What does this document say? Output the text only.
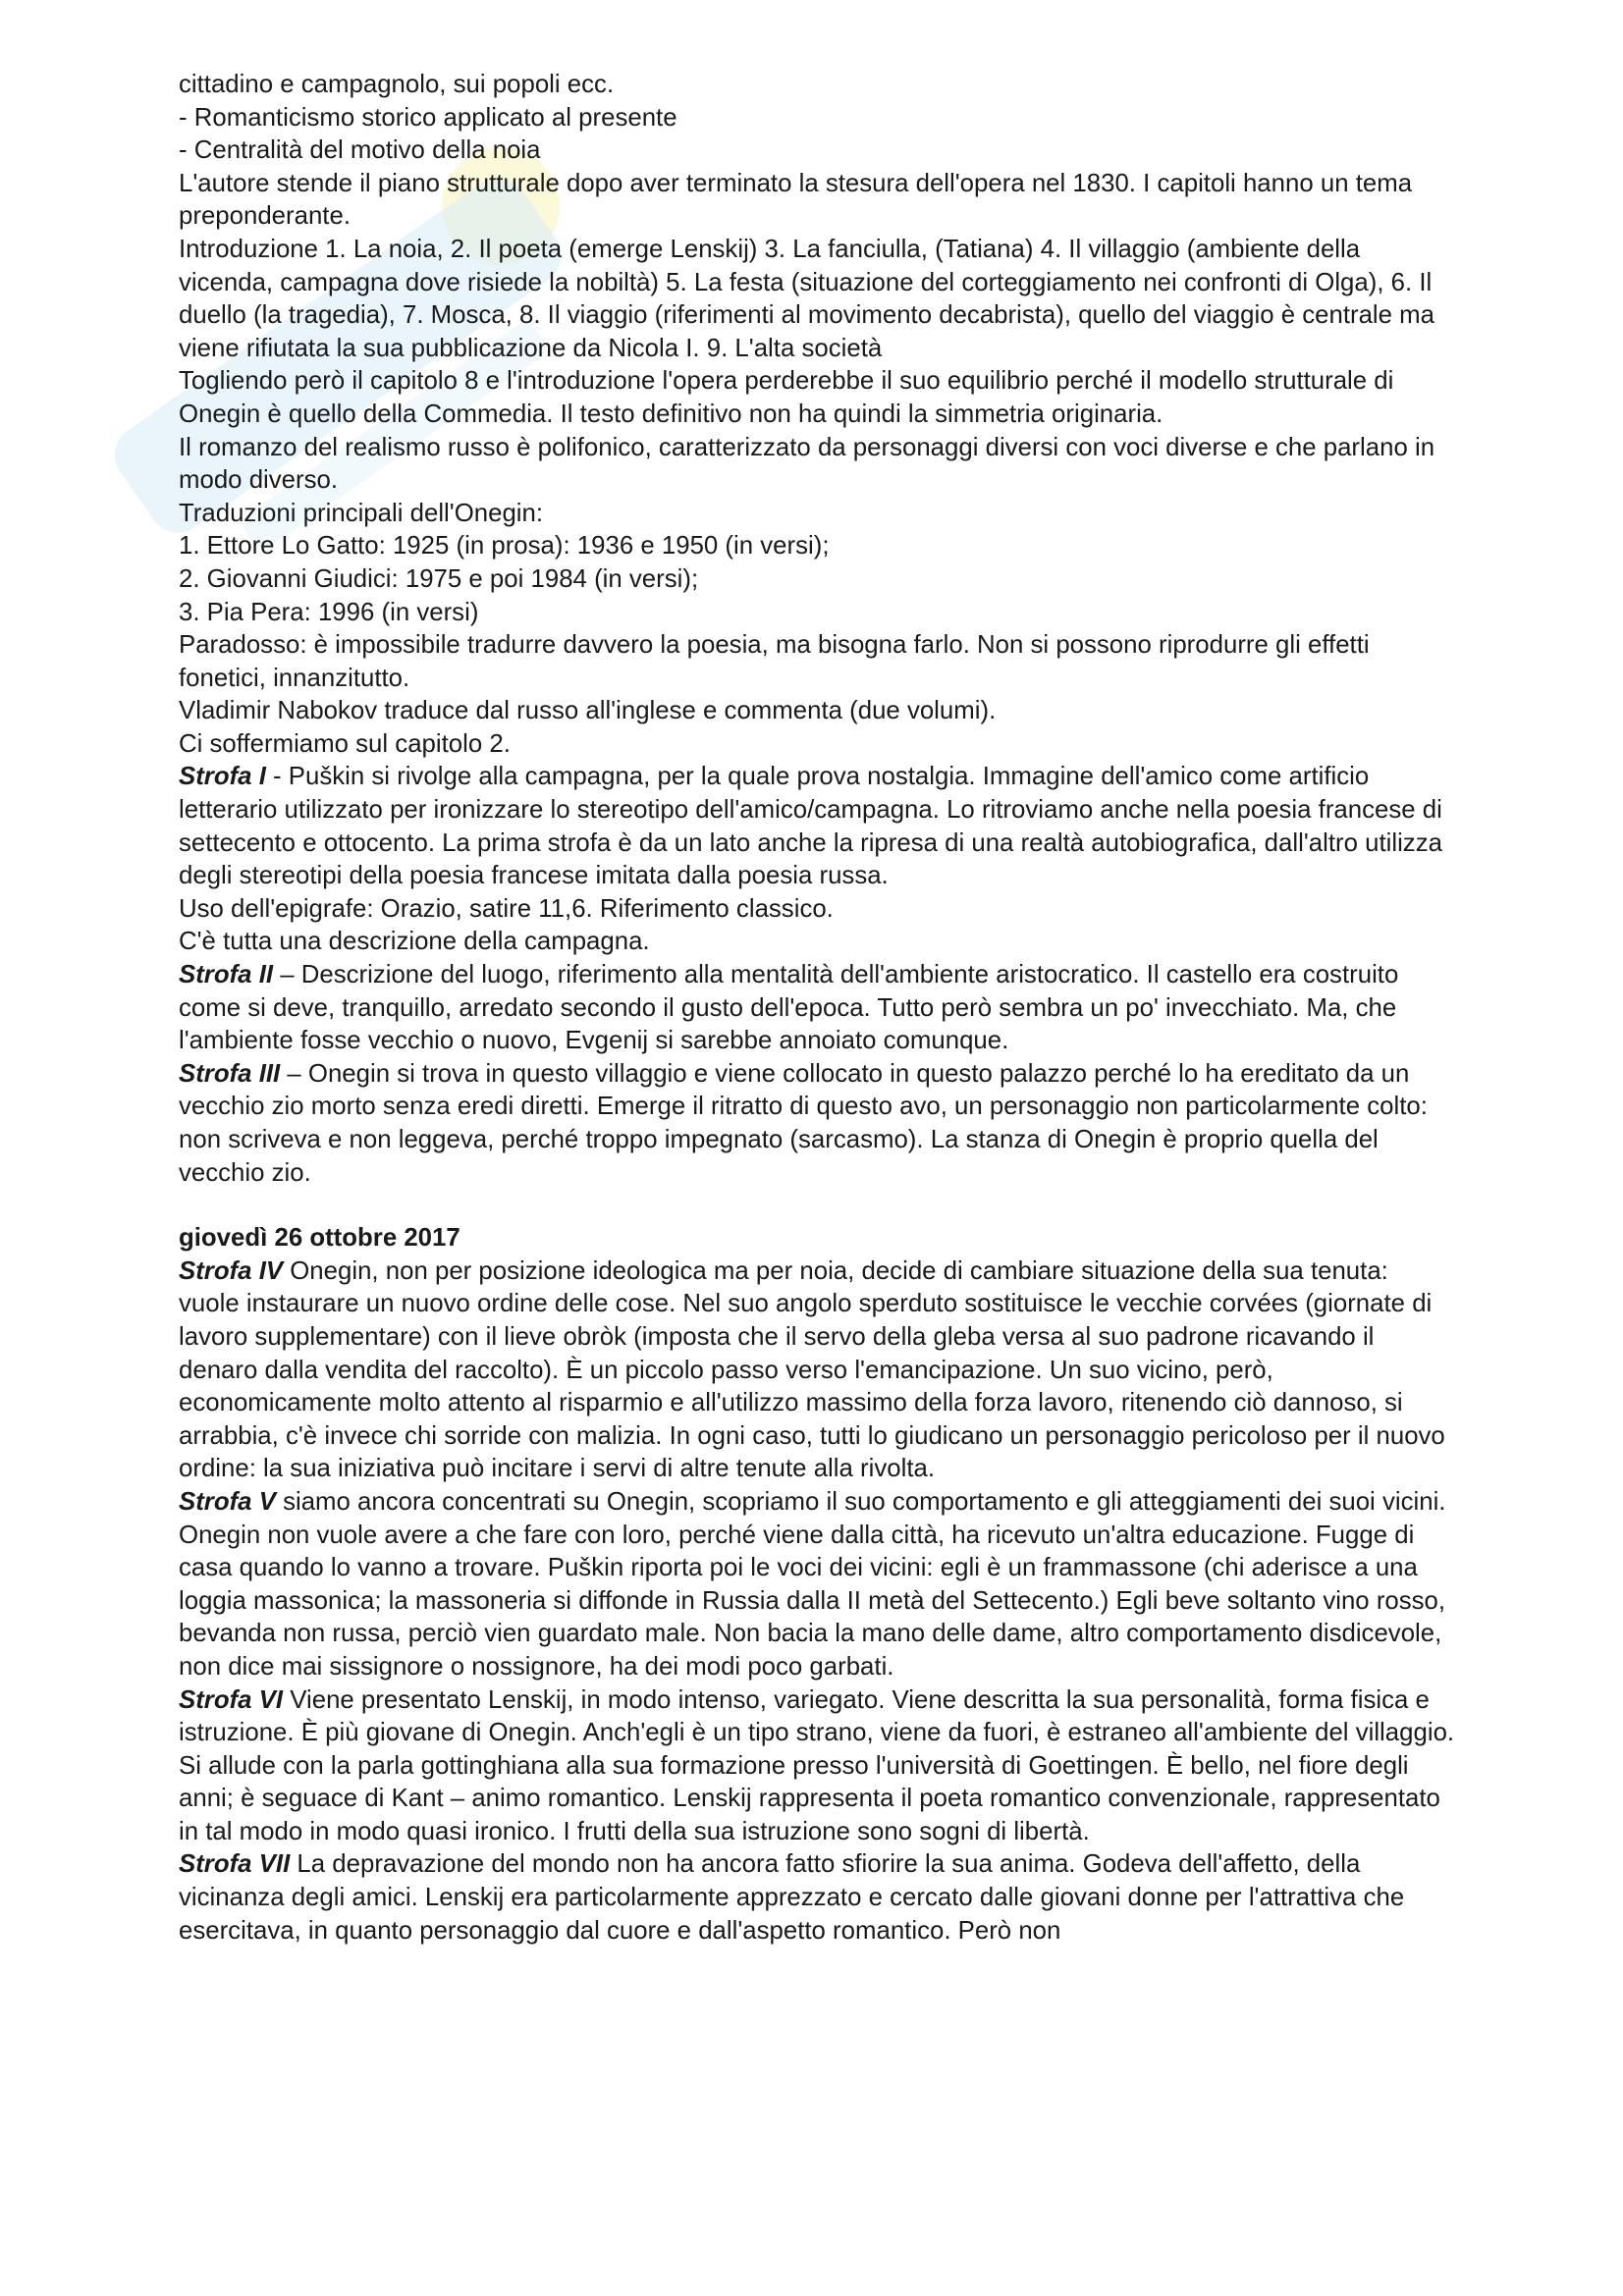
cittadino e campagnolo, sui popoli ecc.

- Romanticismo storico applicato al presente

- Centralità del motivo della noia

L'autore stende il piano strutturale dopo aver terminato la stesura dell'opera nel 1830. I capitoli hanno un tema preponderante.

Introduzione 1. La noia, 2. Il poeta (emerge Lenskij) 3. La fanciulla, (Tatiana) 4. Il villaggio (ambiente della vicenda, campagna dove risiede la nobiltà) 5. La festa (situazione del corteggiamento nei confronti di Olga), 6. Il duello (la tragedia), 7. Mosca, 8. Il viaggio (riferimenti al movimento decabrista), quello del viaggio è centrale ma viene rifiutata la sua pubblicazione da Nicola I. 9. L'alta società

Togliendo però il capitolo 8 e l'introduzione l'opera perderebbe il suo equilibrio perché il modello strutturale di Onegin è quello della Commedia. Il testo definitivo non ha quindi la simmetria originaria.

Il romanzo del realismo russo è polifonico, caratterizzato da personaggi diversi con voci diverse e che parlano in modo diverso.

Traduzioni principali dell'Onegin:

1. Ettore Lo Gatto: 1925 (in prosa): 1936 e 1950 (in versi);

2. Giovanni Giudici: 1975 e poi 1984 (in versi);

3. Pia Pera: 1996 (in versi)

Paradosso: è impossibile tradurre davvero la poesia, ma bisogna farlo. Non si possono riprodurre gli effetti fonetici, innanzitutto.

Vladimir Nabokov traduce dal russo all'inglese e commenta (due volumi).

Ci soffermiamo sul capitolo 2.

Strofa I - Puškin si rivolge alla campagna, per la quale prova nostalgia. Immagine dell'amico come artificio letterario utilizzato per ironizzare lo stereotipo dell'amico/campagna. Lo ritroviamo anche nella poesia francese di settecento e ottocento. La prima strofa è da un lato anche la ripresa di una realtà autobiografica, dall'altro utilizza degli stereotipi della poesia francese imitata dalla poesia russa.

Uso dell'epigrafe: Orazio, satire 11,6. Riferimento classico.

C'è tutta una descrizione della campagna.

Strofa II – Descrizione del luogo, riferimento alla mentalità dell'ambiente aristocratico. Il castello era costruito come si deve, tranquillo, arredato secondo il gusto dell'epoca. Tutto però sembra un po' invecchiato. Ma, che l'ambiente fosse vecchio o nuovo, Evgenij si sarebbe annoiato comunque.

Strofa III – Onegin si trova in questo villaggio e viene collocato in questo palazzo perché lo ha ereditato da un vecchio zio morto senza eredi diretti. Emerge il ritratto di questo avo, un personaggio non particolarmente colto: non scriveva e non leggeva, perché troppo impegnato (sarcasmo). La stanza di Onegin è proprio quella del vecchio zio.

giovedì 26 ottobre 2017

Strofa IV Onegin, non per posizione ideologica ma per noia, decide di cambiare situazione della sua tenuta: vuole instaurare un nuovo ordine delle cose. Nel suo angolo sperduto sostituisce le vecchie corvées (giornate di lavoro supplementare) con il lieve obròk (imposta che il servo della gleba versa al suo padrone ricavando il denaro dalla vendita del raccolto). È un piccolo passo verso l'emancipazione. Un suo vicino, però, economicamente molto attento al risparmio e all'utilizzo massimo della forza lavoro, ritenendo ciò dannoso, si arrabbia, c'è invece chi sorride con malizia. In ogni caso, tutti lo giudicano un personaggio pericoloso per il nuovo ordine: la sua iniziativa può incitare i servi di altre tenute alla rivolta.

Strofa V siamo ancora concentrati su Onegin, scopriamo il suo comportamento e gli atteggiamenti dei suoi vicini. Onegin non vuole avere a che fare con loro, perché viene dalla città, ha ricevuto un'altra educazione. Fugge di casa quando lo vanno a trovare. Puškin riporta poi le voci dei vicini: egli è un frammassone (chi aderisce a una loggia massonica; la massoneria si diffonde in Russia dalla II metà del Settecento.) Egli beve soltanto vino rosso, bevanda non russa, perciò vien guardato male. Non bacia la mano delle dame, altro comportamento disdicevole, non dice mai sissignore o nossignore, ha dei modi poco garbati.

Strofa VI Viene presentato Lenskij, in modo intenso, variegato. Viene descritta la sua personalità, forma fisica e istruzione. È più giovane di Onegin. Anch'egli è un tipo strano, viene da fuori, è estraneo all'ambiente del villaggio. Si allude con la parla gottinghiana alla sua formazione presso l'università di Goettingen. È bello, nel fiore degli anni; è seguace di Kant – animo romantico. Lenskij rappresenta il poeta romantico convenzionale, rappresentato in tal modo in modo quasi ironico. I frutti della sua istruzione sono sogni di libertà.

Strofa VII La depravazione del mondo non ha ancora fatto sfiorire la sua anima. Godeva dell'affetto, della vicinanza degli amici. Lenskij era particolarmente apprezzato e cercato dalle giovani donne per l'attrattiva che esercitava, in quanto personaggio dal cuore e dall'aspetto romantico. Però non
